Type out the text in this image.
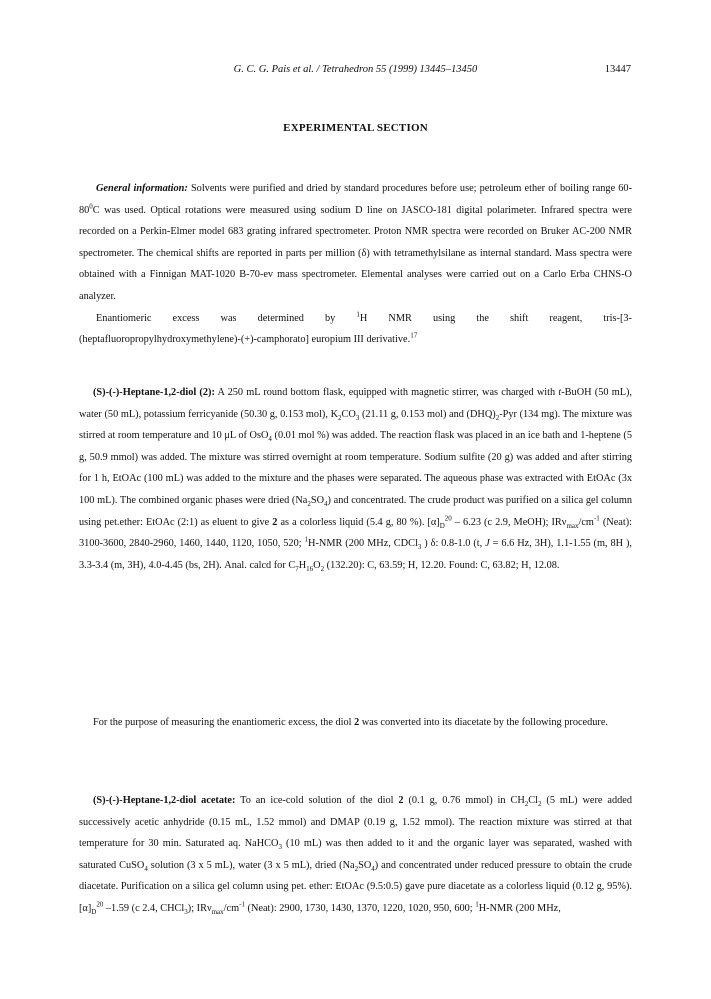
G. C. G. Pais et al. / Tetrahedron 55 (1999) 13445–13450	13447
EXPERIMENTAL SECTION

General information: Solvents were purified and dried by standard procedures before use; petroleum ether of boiling range $60-80^0C$ was used. Optical rotations were measured using sodium D line on JASCO-181 digital polarimeter. Infrared spectra were recorded on a Perkin-Elmer model 683 grating infrared spectrometer. Proton NMR spectra were recorded on Bruker AC-200 NMR spectrometer. The chemical shifts are reported in parts per million (δ) with tetramethylsilane as internal standard. Mass spectra were obtained with a Finnigan MAT-1020 B-70-ev mass spectrometer. Elemental analyses were carried out on a Carlo Erba CHNS-O analyzer.
Enantiomeric excess was determined by $^1$H NMR using the shift reagent, tris-[3-
(heptafluoropropylhydroxymethylene)-(+)-camphorato] europium III derivative.$^{17}$

(S)-(-)-Heptane-1,2-diol (2): A 250 mL round bottom flask, equipped with magnetic stirrer, was charged with t-BuOH (50 mL), water (50 mL), potassium ferricyanide (50.30 g, 0.153 mol), $K_2CO_3$ (21.11 g, 0.153 mol) and $(DHQ)_2$-Pyr (134 mg). The mixture was stirred at room temperature and 10 μL of OsO$_4$ (0.01 mol %) was added. The reaction flask was placed in an ice bath and 1-heptene (5 g, 50.9 mmol) was added. The mixture was stirred overnight at room temperature. Sodium sulfite (20 g) was added and after stirring for 1 h, EtOAc (100 mL) was added to the mixture and the phases were separated. The aqueous phase was extracted with EtOAc (3x 100 mL). The combined organic phases were dried $(Na_2SO_4)$ and concentrated. The crude product was purified on a silica gel column using pet.ether: EtOAc (2:1) as eluent to give 2 as a colorless liquid (5.4 g, 80 %). $[\alpha]_D^{20} - 6.23$ (c 2.9, MeOH); $IR\nu_{max}/cm^{-1}$ (Neat): 3100-3600, 2840-2960, 1460, 1440, 1120, 1050, 520; $^1$H-NMR (200 MHz, CDCl$_3$ ) δ: 0.8-1.0 (t, J = 6.6 Hz, 3H), 1.1-1.55 (m, 8H ), 3.3-3.4 (m, 3H), 4.0-4.45 (bs, 2H). Anal. calcd for $C_7H_{16}O_2$ (132.20): C, 63.59; H, 12.20. Found: C, 63.82; H, 12.08.

For the purpose of measuring the enantiomeric excess, the diol 2 was converted into its diacetate by the following procedure.

(S)-(-)-Heptane-1,2-diol acetate: To an ice-cold solution of the diol 2 (0.1 g, 0.76 mmol) in $CH_2Cl_2$ (5 mL) were added successively acetic anhydride (0.15 mL, 1.52 mmol) and DMAP (0.19 g, 1.52 mmol). The reaction mixture was stirred at that temperature for 30 min. Saturated aq. NaHCO$_3$ (10 mL) was then added to it and the organic layer was separated, washed with saturated CuSO$_4$ solution (3 x 5 mL), water (3 x 5 mL), dried $(Na_2SO_4)$ and concentrated under reduced pressure to obtain the crude diacetate. Purification on a silica gel column using pet. ether: EtOAc (9.5:0.5) gave pure diacetate as a colorless liquid (0.12 g, 95%). $[\alpha]_D^{20}$ –1.59 (c 2.4, CHCl$_3$); $IR\nu_{max}/cm^{-1}$ (Neat): 2900, 1730, 1430, 1370, 1220, 1020, 950, 600; $^1$H-NMR (200 MHz,
